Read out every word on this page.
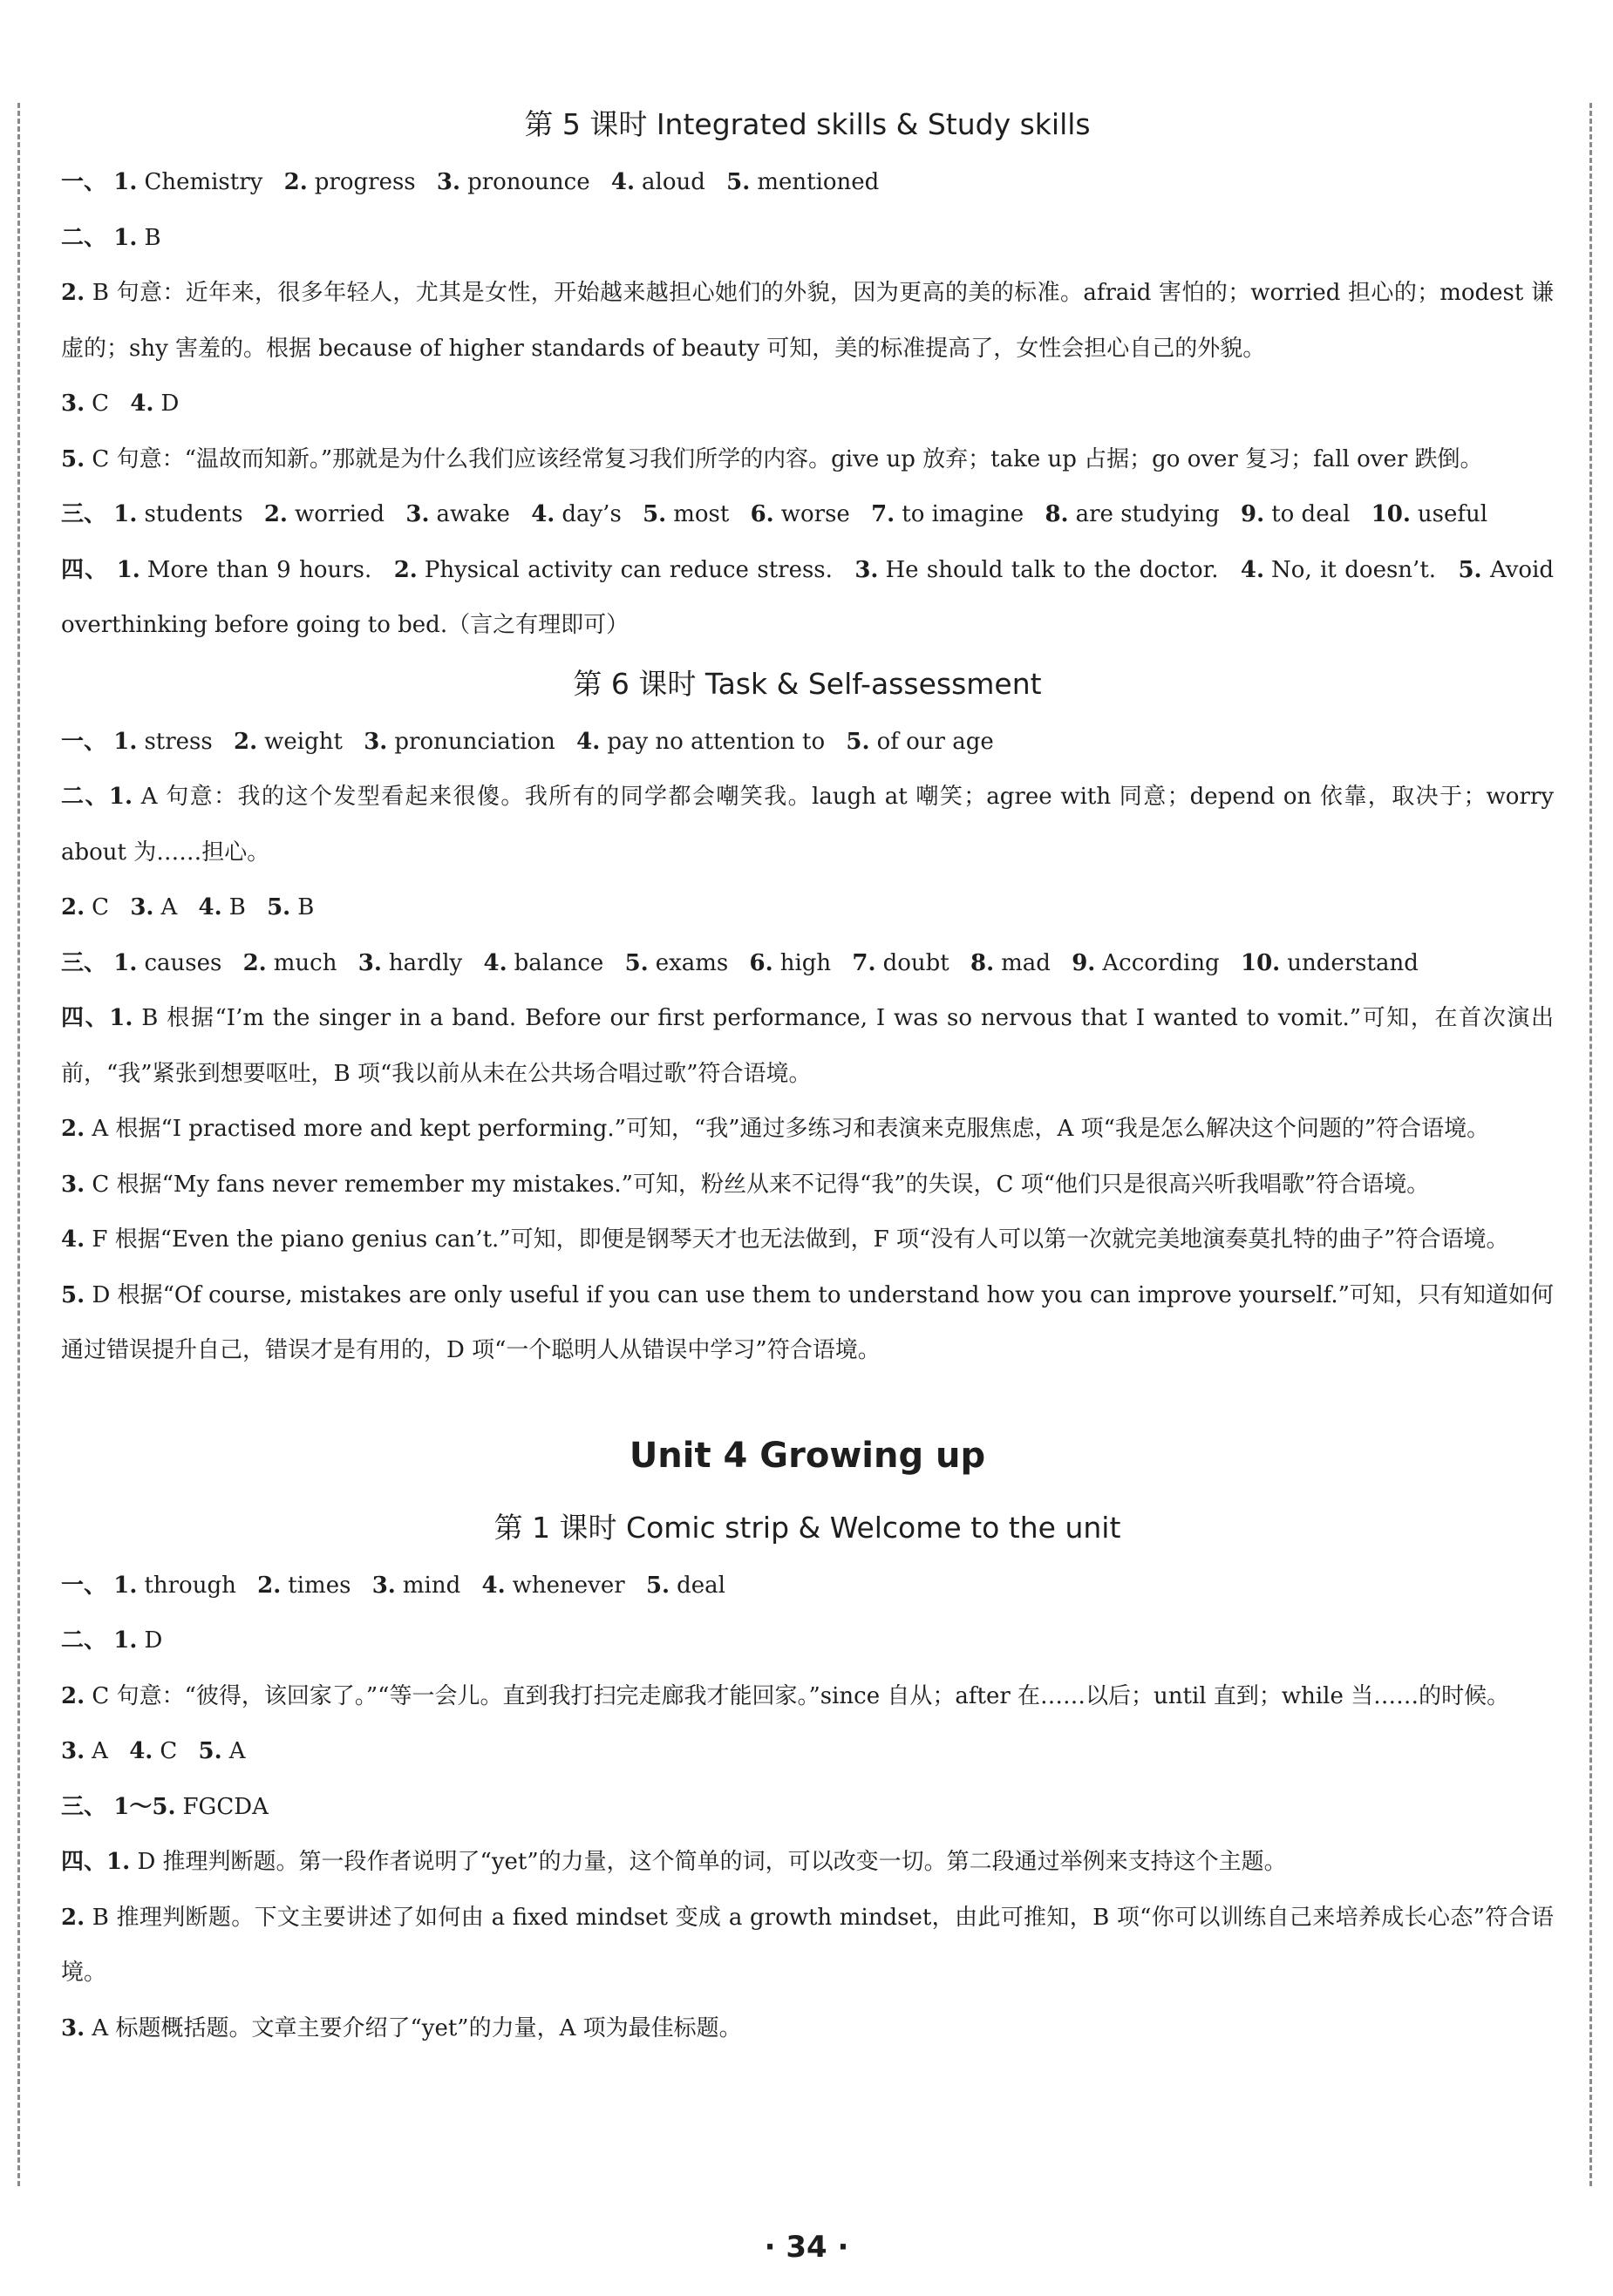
第 5 课时 Integrated skills & Study skills

一、 1. Chemistry 2. progress 3. pronounce 4. aloud 5. mentioned

二、 1. B

2. B 句意：近年来，很多年轻人，尤其是女性，开始越来越担心她们的外貌，因为更高的美的标准。afraid 害怕的；worried 担心的；modest 谦虚的；shy 害羞的。根据 because of higher standards of beauty 可知，美的标准提高了，女性会担心自己的外貌。

3. C 4. D

5. C 句意：“温故而知新。”那就是为什么我们应该经常复习我们所学的内容。give up 放弃；take up 占据；go over 复习；fall over 跌倒。

三、 1. students 2. worried 3. awake 4. day’s 5. most 6. worse 7. to imagine 8. are studying 9. to deal 10. useful

四、 1. More than 9 hours. 2. Physical activity can reduce stress. 3. He should talk to the doctor. 4. No, it doesn’t. 5. Avoid overthinking before going to bed.（言之有理即可）

第 6 课时 Task & Self-assessment

一、 1. stress 2. weight 3. pronunciation 4. pay no attention to 5. of our age

二、1. A 句意：我的这个发型看起来很傻。我所有的同学都会嘲笑我。laugh at 嘲笑；agree with 同意；depend on 依靠，取决于；worry about 为……担心。

2. C 3. A 4. B 5. B

三、 1. causes 2. much 3. hardly 4. balance 5. exams 6. high 7. doubt 8. mad 9. According 10. understand

四、1. B 根据“I’m the singer in a band. Before our first performance, I was so nervous that I wanted to vomit.”可知，在首次演出前，“我”紧张到想要呕吐，B 项“我以前从未在公共场合唱过歌”符合语境。

2. A 根据“I practised more and kept performing.”可知，“我”通过多练习和表演来克服焦虑，A 项“我是怎么解决这个问题的”符合语境。

3. C 根据“My fans never remember my mistakes.”可知，粉丝从来不记得“我”的失误，C 项“他们只是很高兴听我唱歌”符合语境。

4. F 根据“Even the piano genius can’t.”可知，即便是钢琴天才也无法做到，F 项“没有人可以第一次就完美地演奏莫扎特的曲子”符合语境。

5. D 根据“Of course, mistakes are only useful if you can use them to understand how you can improve yourself.”可知，只有知道如何通过错误提升自己，错误才是有用的，D 项“一个聪明人从错误中学习”符合语境。

Unit 4 Growing up
第 1 课时 Comic strip & Welcome to the unit

一、 1. through 2. times 3. mind 4. whenever 5. deal

二、 1. D

2. C 句意：“彼得，该回家了。”“等一会儿。直到我打扫完走廊我才能回家。”since 自从；after 在……以后；until 直到；while 当……的时候。

3. A 4. C 5. A

三、 1～5. FGCDA

四、1. D 推理判断题。第一段作者说明了“yet”的力量，这个简单的词，可以改变一切。第二段通过举例来支持这个主题。

2. B 推理判断题。下文主要讲述了如何由 a fixed mindset 变成 a growth mindset，由此可推知，B 项“你可以训练自己来培养成长心态”符合语境。

3. A 标题概括题。文章主要介绍了“yet”的力量，A 项为最佳标题。

· 34 ·
